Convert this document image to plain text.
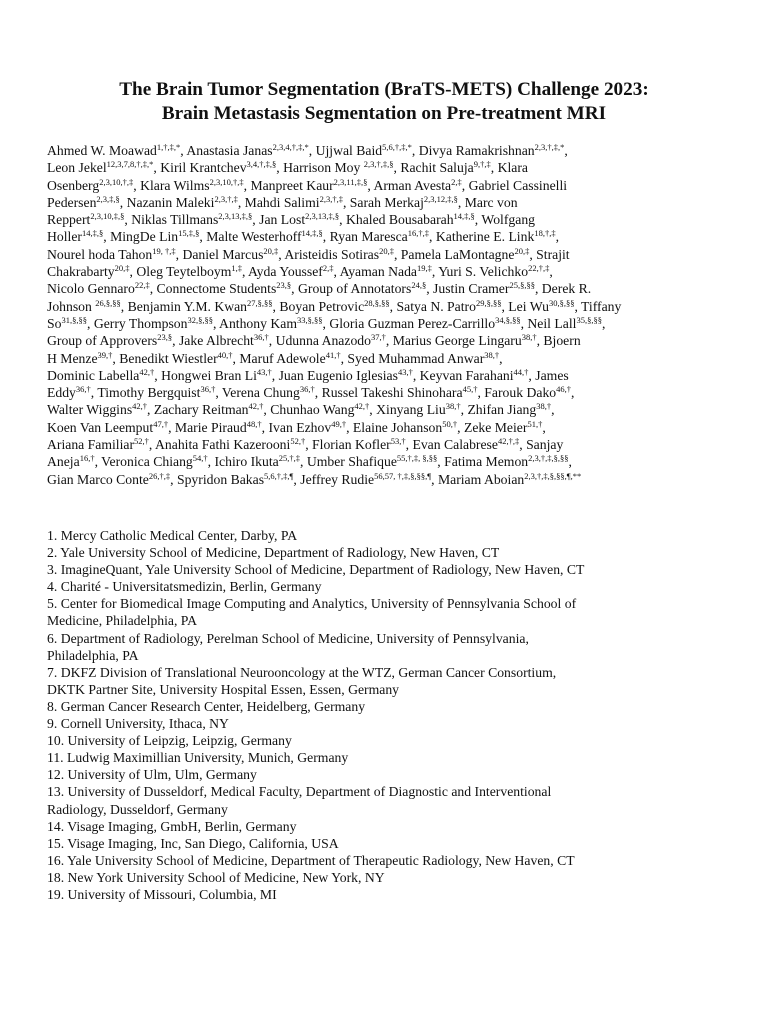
The Brain Tumor Segmentation (BraTS-METS) Challenge 2023:
Brain Metastasis Segmentation on Pre-treatment MRI
Ahmed W. Moawad$^{1,\dagger,\ddagger,*}$, Anastasia Janas$^{2,3,4,\dagger,\ddagger,*}$, Ujjwal Baid$^{5,6,\dagger,\ddagger,*}$, Divya Ramakrishnan$^{2,3,\dagger,\ddagger,*}$,
Leon Jekel$^{12,3,7,8,\dagger,\ddagger,*}$, Kiril Krantchev$^{3,4,\dagger,\ddagger,\S}$, Harrison Moy $^{2,3,\dagger,\ddagger,\S}$, Rachit Saluja$^{9,\dagger,\ddagger}$, Klara
Osenberg$^{2,3,10,\dagger,\ddagger}$, Klara Wilms$^{2,3,10,\dagger,\ddagger}$, Manpreet Kaur$^{2,3,11,\ddagger,\S}$, Arman Avesta$^{2,\ddagger}$, Gabriel Cassinelli
Pedersen$^{2,3,\ddagger,\S}$, Nazanin Maleki$^{2,3,\dagger,\ddagger}$, Mahdi Salimi$^{2,3,\dagger,\ddagger}$, Sarah Merkaj$^{2,3,12,\ddagger,\S}$, Marc von
Reppert$^{2,3,10,\ddagger,\S}$, Niklas Tillmans$^{2,3,13,\ddagger,\S}$, Jan Lost$^{2,3,13,\ddagger,\S}$, Khaled Bousabarah$^{14,\ddagger,\S}$, Wolfgang
Holler$^{14,\ddagger,\S}$, MingDe Lin$^{15,\ddagger,\S}$, Malte Westerhoff$^{14,\ddagger,\S}$, Ryan Maresca$^{16,\dagger,\ddagger}$, Katherine E. Link$^{18,\dagger,\ddagger}$,
Nourel hoda Tahon$^{19, \dagger,\ddagger}$, Daniel Marcus$^{20,\ddagger}$, Aristeidis Sotiras$^{20,\ddagger}$, Pamela LaMontagne$^{20,\ddagger}$, Strajit
Chakrabarty$^{20,\ddagger}$, Oleg Teytelboym$^{1,\ddagger}$, Ayda Youssef$^{2,\ddagger}$, Ayaman Nada$^{19,\ddagger}$, Yuri S. Velichko$^{22,\dagger,\ddagger}$,
Nicolo Gennaro$^{22,\ddagger}$, Connectome Students$^{23,\S}$, Group of Annotators$^{24,\S}$, Justin Cramer$^{25,\S,\S\S}$, Derek R.
Johnson $^{26,\S,\S\S}$, Benjamin Y.M. Kwan$^{27,\S,\S\S}$, Boyan Petrovic$^{28,\S,\S\S}$, Satya N. Patro$^{29,\S,\S\S}$, Lei $Wu^{30,\S,\S\S}$, Tiffany
$So^{31,\S,\S\S}$, Gerry Thompson$^{32,\S,\S\S}$, Anthony Kam$^{33,\S,\S\S}$, Gloria Guzman Perez-Carrillo$^{34,\S,\S\S}$, Neil Lall$^{35,\S,\S\S}$,
Group of Approvers$^{23,\S}$, Jake Albrecht$^{36,\dagger}$, Udunna Anazodo$^{37,\dagger}$, Marius George Lingaru$^{38,\dagger}$, Bjoern
H Menze$^{39,\dagger}$, Benedikt Wiestler$^{40,\dagger}$, Maruf Adewole$^{41,\dagger}$, Syed Muhammad Anwar$^{38,\dagger}$,
Dominic Labella$^{42,\dagger}$, Hongwei Bran $Li^{43,\dagger}$, Juan Eugenio Iglesias$^{43,\dagger}$, Keyvan Farahani$^{44,\dagger}$, James
Eddy$^{36,\dagger}$, Timothy Bergquist$^{36,\dagger}$, Verena Chung$^{36,\dagger}$, Russel Takeshi Shinohara$^{45,\dagger}$, Farouk Dako$^{46,\dagger}$,
Walter Wiggins$^{42,\dagger}$, Zachary Reitman$^{42,\dagger}$, Chunhao Wang$^{42,\dagger}$, Xinyang Liu$^{38,\dagger}$, Zhifan Jiang$^{38,\dagger}$,
Koen Van Leemput$^{47,\dagger}$, Marie Piraud$^{48,\dagger}$, Ivan Ezhov$^{49,\dagger}$, Elaine Johanson$^{50,\dagger}$, Zeke Meier$^{51,\dagger}$,
Ariana Familiar$^{52,\dagger}$, Anahita Fathi Kazerooni$^{52,\dagger}$, Florian Kofler$^{53,\dagger}$, Evan Calabrese$^{42,\dagger,\ddagger}$, Sanjay
Aneja$^{16,\dagger}$, Veronica Chiang$^{54,\dagger}$, Ichiro Ikuta$^{25,\dagger,\ddagger}$, Umber Shafique$^{55,\dagger,\ddagger, \S,\S\S}$, Fatima Memon$^{2,3,\dagger,\ddagger,\S,\S\S}$,
Gian Marco Conte$^{26,\dagger,\ddagger}$, Spyridon Bakas$^{5,6,\dagger,\ddagger,\P}$, Jeffrey Rudie$^{56,57, \dagger,\ddagger,\S,\S\S,\P}$, Mariam Aboian$^{2,3,\dagger,\ddagger,\S,\S\S,\P,**}$
1. Mercy Catholic Medical Center, Darby, PA
2. Yale University School of Medicine, Department of Radiology, New Haven, CT
3. ImagineQuant, Yale University School of Medicine, Department of Radiology, New Haven, CT
4. Charité - Universitatsmedizin, Berlin, Germany
5. Center for Biomedical Image Computing and Analytics, University of Pennsylvania School of
Medicine, Philadelphia, PA
6. Department of Radiology, Perelman School of Medicine, University of Pennsylvania,
Philadelphia, PA
7. DKFZ Division of Translational Neurooncology at the WTZ, German Cancer Consortium,
DKTK Partner Site, University Hospital Essen, Essen, Germany
8. German Cancer Research Center, Heidelberg, Germany
9. Cornell University, Ithaca, NY
10. University of Leipzig, Leipzig, Germany
11. Ludwig Maximillian University, Munich, Germany
12. University of Ulm, Ulm, Germany
13. University of Dusseldorf, Medical Faculty, Department of Diagnostic and Interventional
Radiology, Dusseldorf, Germany
14. Visage Imaging, GmbH, Berlin, Germany
15. Visage Imaging, Inc, San Diego, California, USA
16. Yale University School of Medicine, Department of Therapeutic Radiology, New Haven, CT
18. New York University School of Medicine, New York, NY
19. University of Missouri, Columbia, MI
